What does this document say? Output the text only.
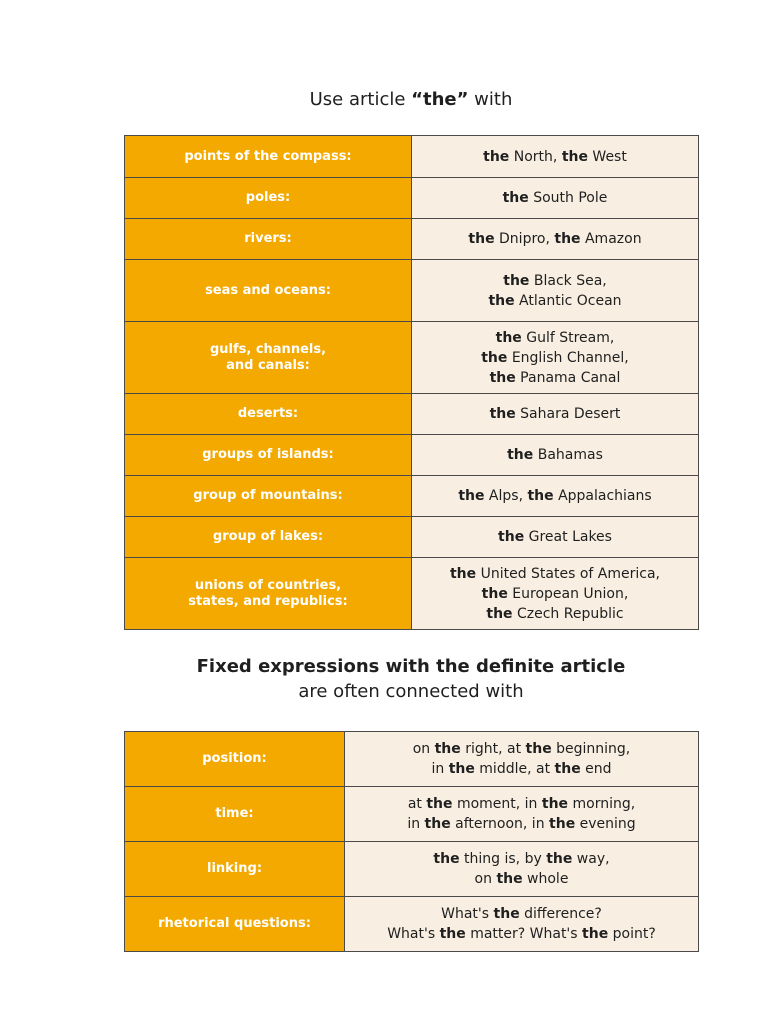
Use article “the” with
points of the compass:	the North, the West
poles:	the South Pole
rivers:	the Dnipro, the Amazon
seas and oceans:	the Black Sea,
the Atlantic Ocean
gulfs, channels,
and canals:	the Gulf Stream,
the English Channel,
the Panama Canal
deserts:	the Sahara Desert
groups of islands:	the Bahamas
group of mountains:	the Alps, the Appalachians
group of lakes:	the Great Lakes
unions of countries,
states, and republics:	the United States of America,
the European Union,
the Czech Republic
Fixed expressions with the definite article
are often connected with
position:	on the right, at the beginning,
in the middle, at the end
time:	at the moment, in the morning,
in the afternoon, in the evening
linking:	the thing is, by the way,
on the whole
rhetorical questions:	What's the difference?
What's the matter? What's the point?
